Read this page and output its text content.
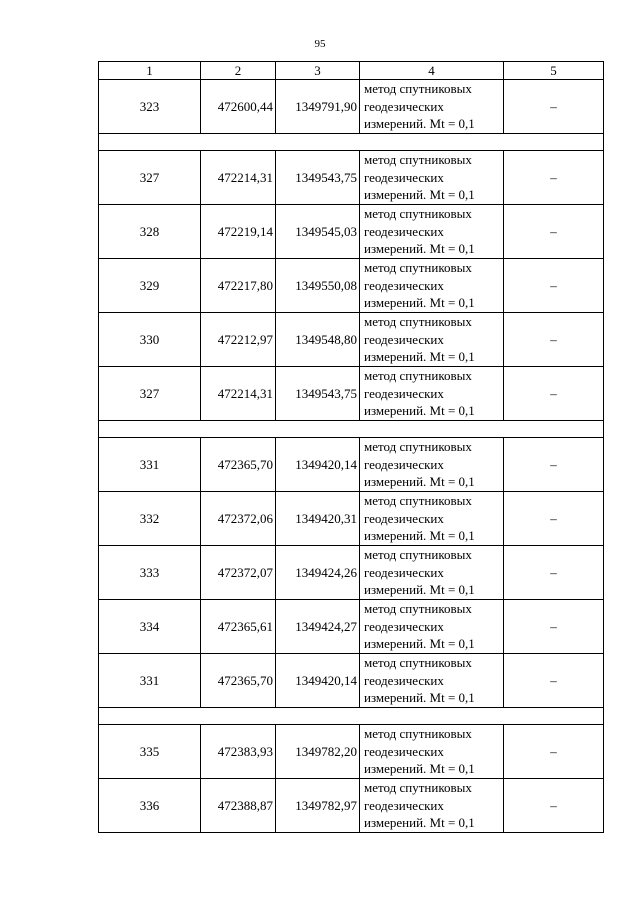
95
1	2	3	4	5
323	472600,44	1349791,90	метод спутниковых
геодезических
измерений. Mt = 0,1	–

327	472214,31	1349543,75	метод спутниковых
геодезических
измерений. Mt = 0,1	–
328	472219,14	1349545,03	метод спутниковых
геодезических
измерений. Mt = 0,1	–
329	472217,80	1349550,08	метод спутниковых
геодезических
измерений. Mt = 0,1	–
330	472212,97	1349548,80	метод спутниковых
геодезических
измерений. Mt = 0,1	–
327	472214,31	1349543,75	метод спутниковых
геодезических
измерений. Mt = 0,1	–

331	472365,70	1349420,14	метод спутниковых
геодезических
измерений. Mt = 0,1	–
332	472372,06	1349420,31	метод спутниковых
геодезических
измерений. Mt = 0,1	–
333	472372,07	1349424,26	метод спутниковых
геодезических
измерений. Mt = 0,1	–
334	472365,61	1349424,27	метод спутниковых
геодезических
измерений. Mt = 0,1	–
331	472365,70	1349420,14	метод спутниковых
геодезических
измерений. Mt = 0,1	–

335	472383,93	1349782,20	метод спутниковых
геодезических
измерений. Mt = 0,1	–
336	472388,87	1349782,97	метод спутниковых
геодезических
измерений. Mt = 0,1	–
